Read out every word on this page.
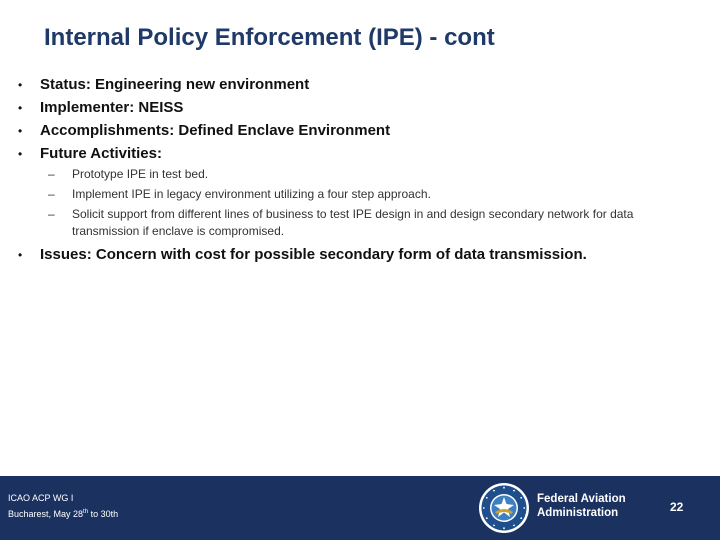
Internal Policy Enforcement (IPE) - cont
• Status: Engineering new environment
• Implementer: NEISS
• Accomplishments: Defined Enclave Environment
• Future Activities:
– Prototype IPE in test bed.
– Implement IPE in legacy environment utilizing a four step approach.
– Solicit support from different lines of business to test IPE design in and design secondary network for data transmission if enclave is compromised.
• Issues: Concern with cost for possible secondary form of data transmission.
ICAO ACP WG I
Bucharest, May 28th to 30th
Federal Aviation
Administration	22
